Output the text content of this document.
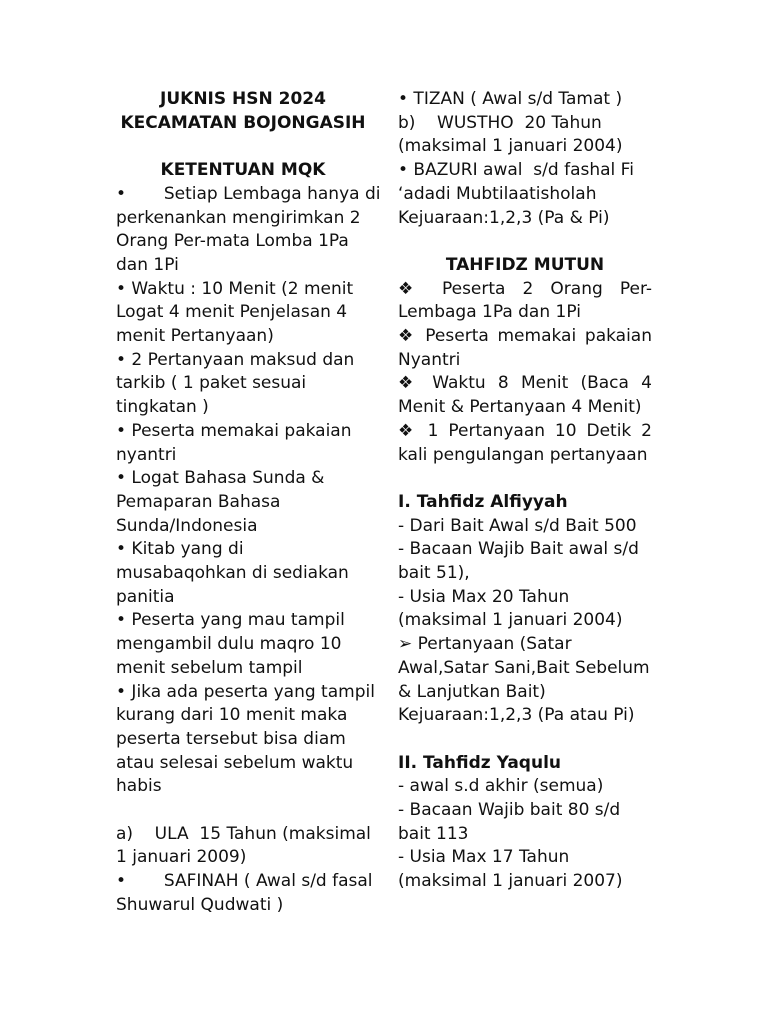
JUKNIS HSN 2024
KECAMATAN BOJONGASIH
KETENTUAN MQK
•       Setiap Lembaga hanya di
perkenankan mengirimkan 2
Orang Per-mata Lomba 1Pa
dan 1Pi
• Waktu : 10 Menit (2 menit
Logat 4 menit Penjelasan 4
menit Pertanyaan)
• 2 Pertanyaan maksud dan
tarkib ( 1 paket sesuai
tingkatan )
• Peserta memakai pakaian
nyantri
• Logat Bahasa Sunda &
Pemaparan Bahasa
Sunda/Indonesia
• Kitab yang di
musabaqohkan di sediakan
panitia
• Peserta yang mau tampil
mengambil dulu maqro 10
menit sebelum tampil
• Jika ada peserta yang tampil
kurang dari 10 menit maka
peserta tersebut bisa diam
atau selesai sebelum waktu
habis
a)    ULA  15 Tahun (maksimal
1 januari 2009)
•       SAFINAH ( Awal s/d fasal
Shuwarul Qudwati )
• TIZAN ( Awal s/d Tamat )
b)    WUSTHO  20 Tahun
(maksimal 1 januari 2004)
• BAZURI awal  s/d fashal Fi
‘adadi Mubtilaatisholah
Kejuaraan:1,2,3 (Pa & Pi)
TAHFIDZ MUTUN
❖ Peserta 2 Orang Per-
Lembaga 1Pa dan 1Pi
❖ Peserta memakai pakaian
Nyantri
❖ Waktu 8 Menit (Baca 4
Menit & Pertanyaan 4 Menit)
❖ 1 Pertanyaan 10 Detik 2
kali pengulangan pertanyaan
I. Tahfidz Alfiyyah
- Dari Bait Awal s/d Bait 500
- Bacaan Wajib Bait awal s/d
bait 51),
- Usia Max 20 Tahun
(maksimal 1 januari 2004)
➢ Pertanyaan (Satar
Awal,Satar Sani,Bait Sebelum
& Lanjutkan Bait)
Kejuaraan:1,2,3 (Pa atau Pi)
II. Tahfidz Yaqulu
- awal s.d akhir (semua)
- Bacaan Wajib bait 80 s/d
bait 113
- Usia Max 17 Tahun
(maksimal 1 januari 2007)
